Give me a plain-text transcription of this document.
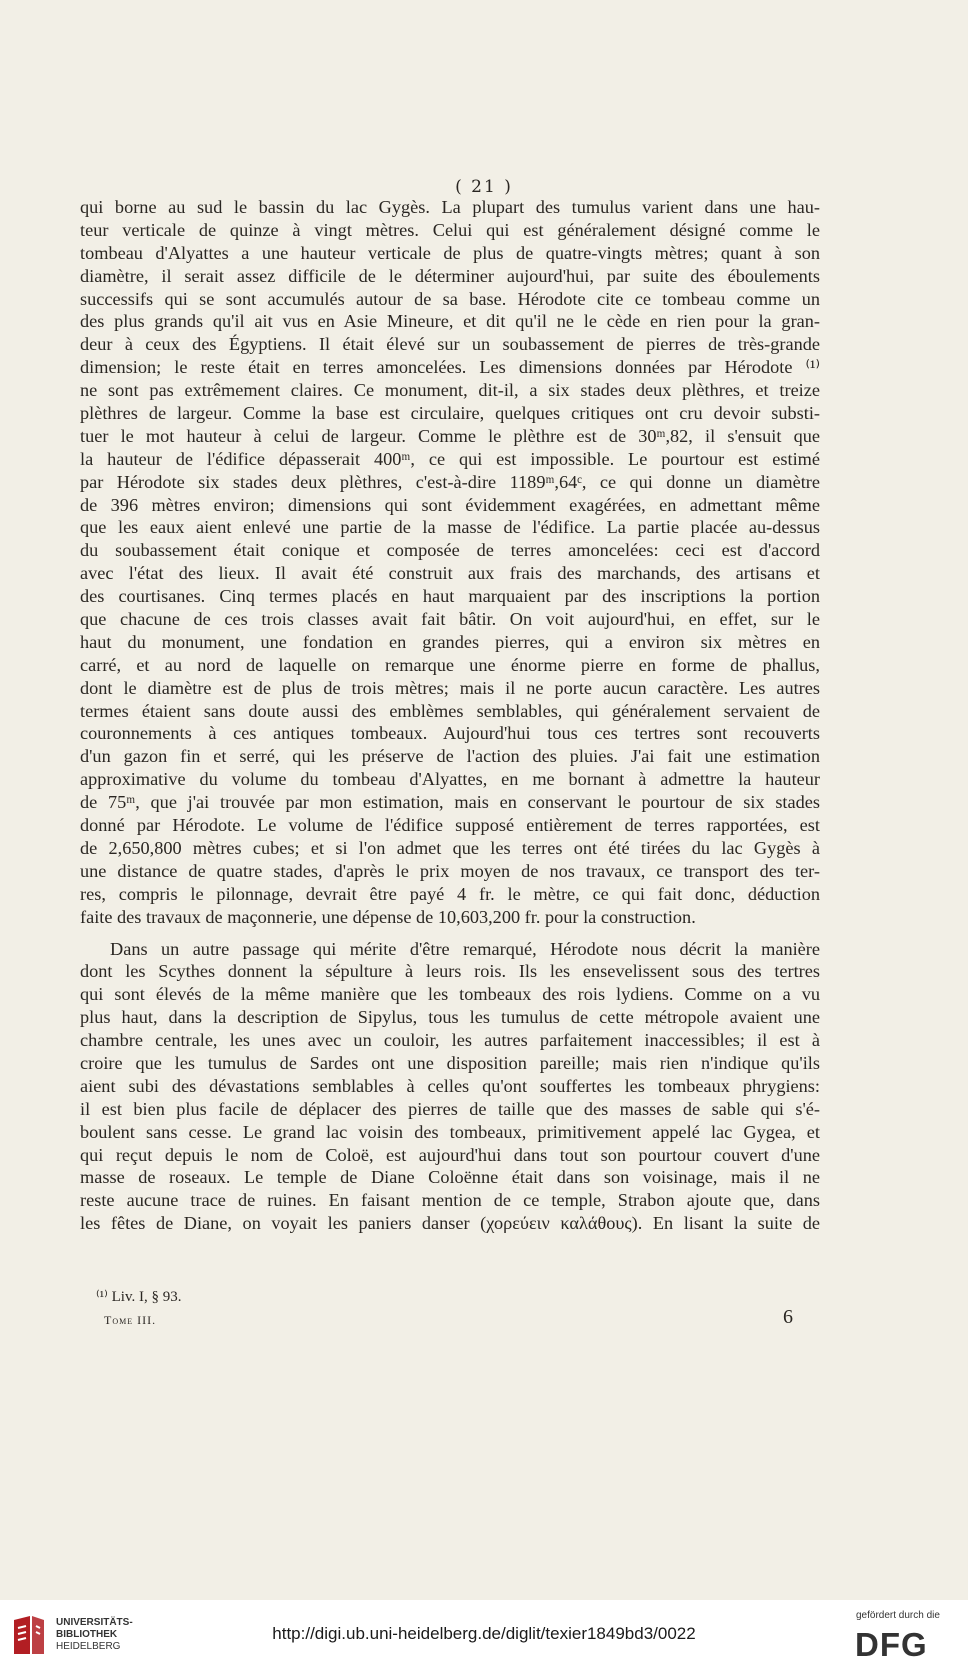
( 21 )
qui borne au sud le bassin du lac Gygès. La plupart des tumulus varient dans une hau-
teur verticale de quinze à vingt mètres. Celui qui est généralement désigné comme le
tombeau d'Alyattes a une hauteur verticale de plus de quatre-vingts mètres; quant à son
diamètre, il serait assez difficile de le déterminer aujourd'hui, par suite des éboulements
successifs qui se sont accumulés autour de sa base. Hérodote cite ce tombeau comme un
des plus grands qu'il ait vus en Asie Mineure, et dit qu'il ne le cède en rien pour la gran-
deur à ceux des Égyptiens. Il était élevé sur un soubassement de pierres de très-grande
dimension; le reste était en terres amoncelées. Les dimensions données par Hérodote ⁽¹⁾
ne sont pas extrêmement claires. Ce monument, dit-il, a six stades deux plèthres, et treize
plèthres de largeur. Comme la base est circulaire, quelques critiques ont cru devoir substi-
tuer le mot hauteur à celui de largeur. Comme le plèthre est de 30ᵐ,82, il s'ensuit que
la hauteur de l'édifice dépasserait 400ᵐ, ce qui est impossible. Le pourtour est estimé
par Hérodote six stades deux plèthres, c'est-à-dire 1189ᵐ,64ᶜ, ce qui donne un diamètre
de 396 mètres environ; dimensions qui sont évidemment exagérées, en admettant même
que les eaux aient enlevé une partie de la masse de l'édifice. La partie placée au-dessus
du soubassement était conique et composée de terres amoncelées: ceci est d'accord
avec l'état des lieux. Il avait été construit aux frais des marchands, des artisans et
des courtisanes. Cinq termes placés en haut marquaient par des inscriptions la portion
que chacune de ces trois classes avait fait bâtir. On voit aujourd'hui, en effet, sur le
haut du monument, une fondation en grandes pierres, qui a environ six mètres en
carré, et au nord de laquelle on remarque une énorme pierre en forme de phallus,
dont le diamètre est de plus de trois mètres; mais il ne porte aucun caractère. Les autres
termes étaient sans doute aussi des emblèmes semblables, qui généralement servaient de
couronnements à ces antiques tombeaux. Aujourd'hui tous ces tertres sont recouverts
d'un gazon fin et serré, qui les préserve de l'action des pluies. J'ai fait une estimation
approximative du volume du tombeau d'Alyattes, en me bornant à admettre la hauteur
de 75ᵐ, que j'ai trouvée par mon estimation, mais en conservant le pourtour de six stades
donné par Hérodote. Le volume de l'édifice supposé entièrement de terres rapportées, est
de 2,650,800 mètres cubes; et si l'on admet que les terres ont été tirées du lac Gygès à
une distance de quatre stades, d'après le prix moyen de nos travaux, ce transport des ter-
res, compris le pilonnage, devrait être payé 4 fr. le mètre, ce qui fait donc, déduction
faite des travaux de maçonnerie, une dépense de 10,603,200 fr. pour la construction.
Dans un autre passage qui mérite d'être remarqué, Hérodote nous décrit la manière
dont les Scythes donnent la sépulture à leurs rois. Ils les ensevelissent sous des tertres
qui sont élevés de la même manière que les tombeaux des rois lydiens. Comme on a vu
plus haut, dans la description de Sipylus, tous les tumulus de cette métropole avaient une
chambre centrale, les unes avec un couloir, les autres parfaitement inaccessibles; il est à
croire que les tumulus de Sardes ont une disposition pareille; mais rien n'indique qu'ils
aient subi des dévastations semblables à celles qu'ont souffertes les tombeaux phrygiens:
il est bien plus facile de déplacer des pierres de taille que des masses de sable qui s'é-
boulent sans cesse. Le grand lac voisin des tombeaux, primitivement appelé lac Gygea, et
qui reçut depuis le nom de Coloë, est aujourd'hui dans tout son pourtour couvert d'une
masse de roseaux. Le temple de Diane Coloënne était dans son voisinage, mais il ne
reste aucune trace de ruines. En faisant mention de ce temple, Strabon ajoute que, dans
les fêtes de Diane, on voyait les paniers danser (χορεύειν καλάθους). En lisant la suite de
⁽¹⁾ Liv. I, § 93.
Tome III.	6
UNIVERSITÄTS-
BIBLIOTHEK
HEIDELBERG
http://digi.ub.uni-heidelberg.de/diglit/texier1849bd3/0022
gefördert durch die
DFG
